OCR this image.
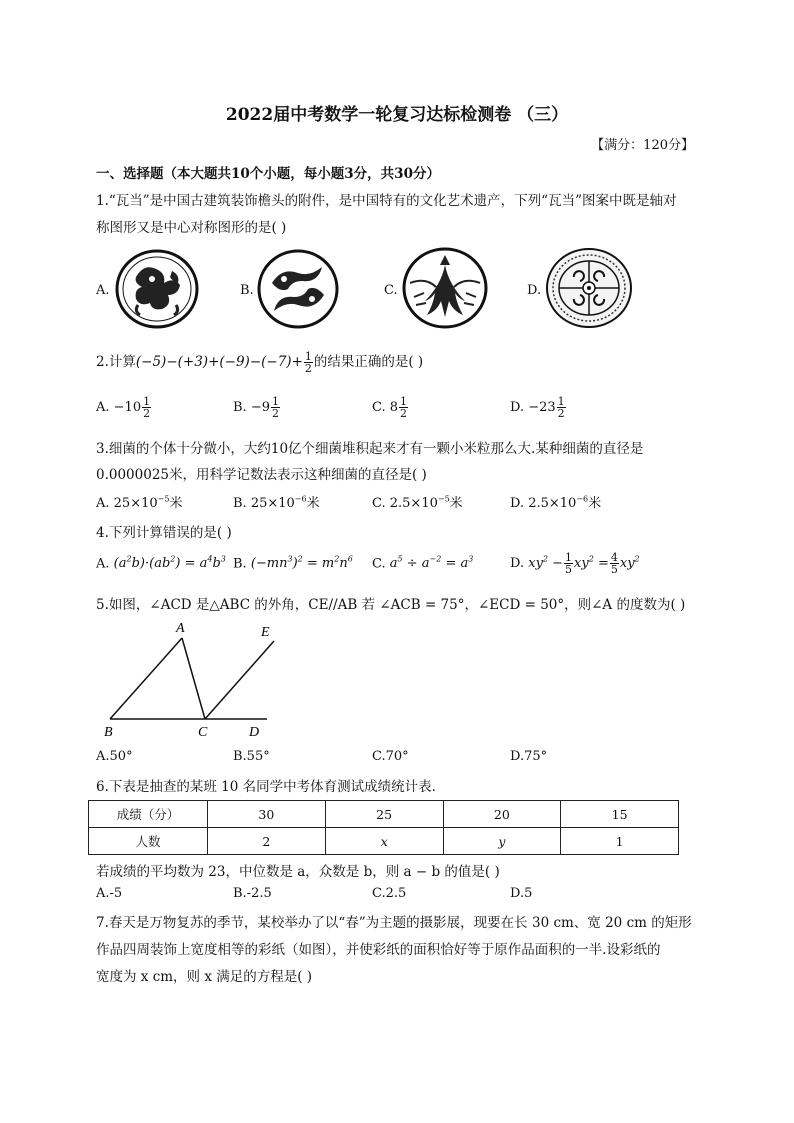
2022届中考数学一轮复习达标检测卷 （三）
【满分：120分】
一、选择题（本大题共10个小题，每小题3分，共30分）
1.“瓦当”是中国古建筑装饰檐头的附件，是中国特有的文化艺术遗产，下列“瓦当”图案中既是轴对
称图形又是中心对称图形的是( )
A.	B.	C.	D.
2.计算$(-5)-(+3)+(-9)-(-7)+ \frac{1}{2}$ 的结果正确的是( )
A. $-10 \frac{1}{2}$	B. $-9 \frac{1}{2}$	C. $8 \frac{1}{2}$	D. $-23 \frac{1}{2}$
3.细菌的个体十分微小，大约10亿个细菌堆积起来才有一颗小米粒那么大.某种细菌的直径是
0.0000025米，用科学记数法表示这种细菌的直径是( )
A. $25\times 10^{-5}$米	B. $25\times 10^{-6}$米	C. $2.5\times 10^{-5}$米	D. $2.5\times 10^{-6}$米
4.下列计算错误的是( )
A. $(a^2b)\cdot(ab^2) = a^4b^3$ B. $(-mn^3)^2 = m^2n^6$ C. $a^5 \div a^{-2} = a^3$	D. $xy^2 - \frac{1}{5} xy^2 = \frac{4}{5} xy^2$
5.如图，∠ACD 是△ABC 的外角，CE//AB 若 ∠ACB = 75°，∠ECD = 50°，则∠A 的度数为( )
A	E
B	C	D
A.50°	B.55°	C.70°	D.75°
6.下表是抽查的某班 10 名同学中考体育测试成绩统计表.
成绩（分）	30	25	20	15
人数	2	x	y	1
若成绩的平均数为 23，中位数是 a，众数是 b，则 a − b 的值是( )
A.-5	B.-2.5	C.2.5	D.5
7.春天是万物复苏的季节，某校举办了以“春”为主题的摄影展，现要在长 30 cm、宽 20 cm 的矩形
作品四周装饰上宽度相等的彩纸（如图），并使彩纸的面积恰好等于原作品面积的一半.设彩纸的
宽度为 x cm，则 x 满足的方程是( )
